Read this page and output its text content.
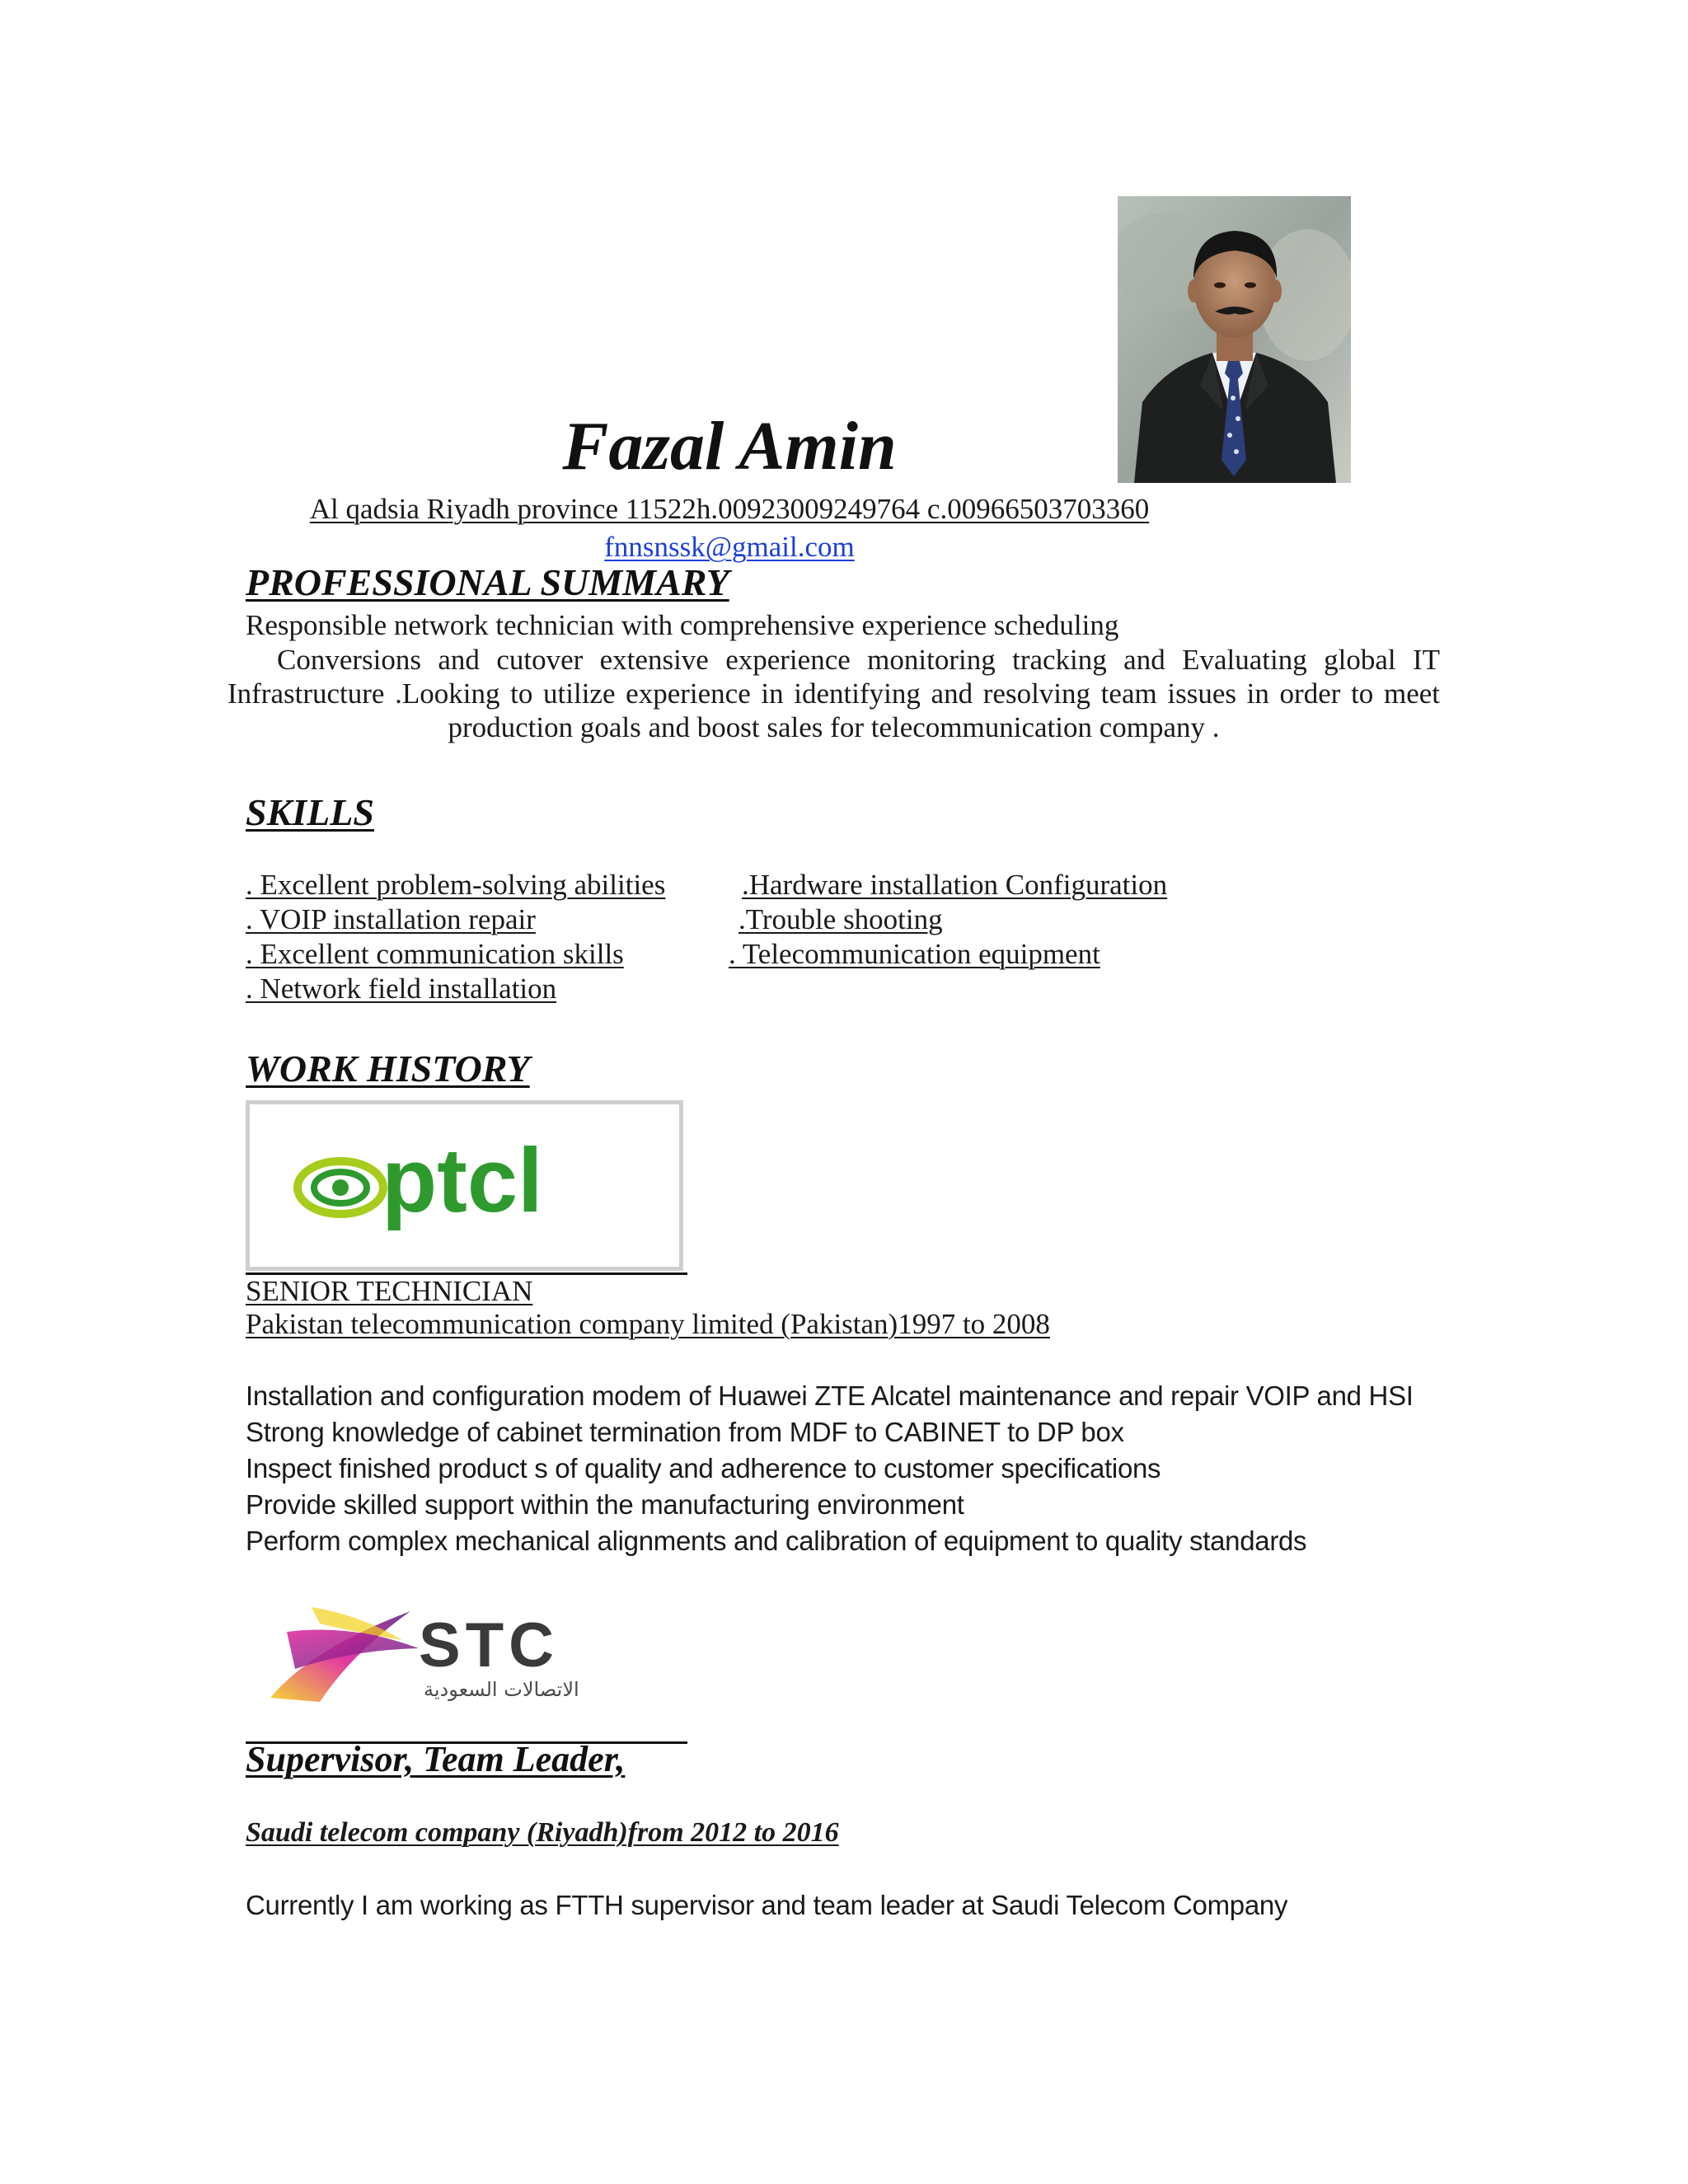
Fazal Amin
Al qadsia Riyadh province 11522h.00923009249764 c.00966503703360
fnnsnssk@gmail.com
PROFESSIONAL SUMMARY
Responsible network technician with comprehensive experience scheduling
Conversions and cutover extensive experience monitoring tracking and Evaluating global IT
Infrastructure .Looking to utilize experience in identifying and resolving team issues in order to meet
production goals and boost sales for telecommunication company .
SKILLS
. Excellent problem-solving abilities
. VOIP installation repair
. Excellent communication skills
. Network field installation
.Hardware installation Configuration
.Trouble shooting
. Telecommunication equipment
WORK HISTORY
ptcl
SENIOR TECHNICIAN
Pakistan telecommunication company limited (Pakistan)1997 to 2008
Installation and configuration modem of Huawei ZTE Alcatel maintenance and repair VOIP and HSI
Strong knowledge of cabinet termination from MDF to CABINET to DP box
Inspect finished product s of quality and adherence to customer specifications
Provide skilled support within the manufacturing environment
Perform complex mechanical alignments and calibration of equipment to quality standards
STC
الاتصالات السعودية
Supervisor, Team Leader,
Saudi telecom company (Riyadh)from 2012 to 2016
Currently I am working as FTTH supervisor and team leader at Saudi Telecom Company
